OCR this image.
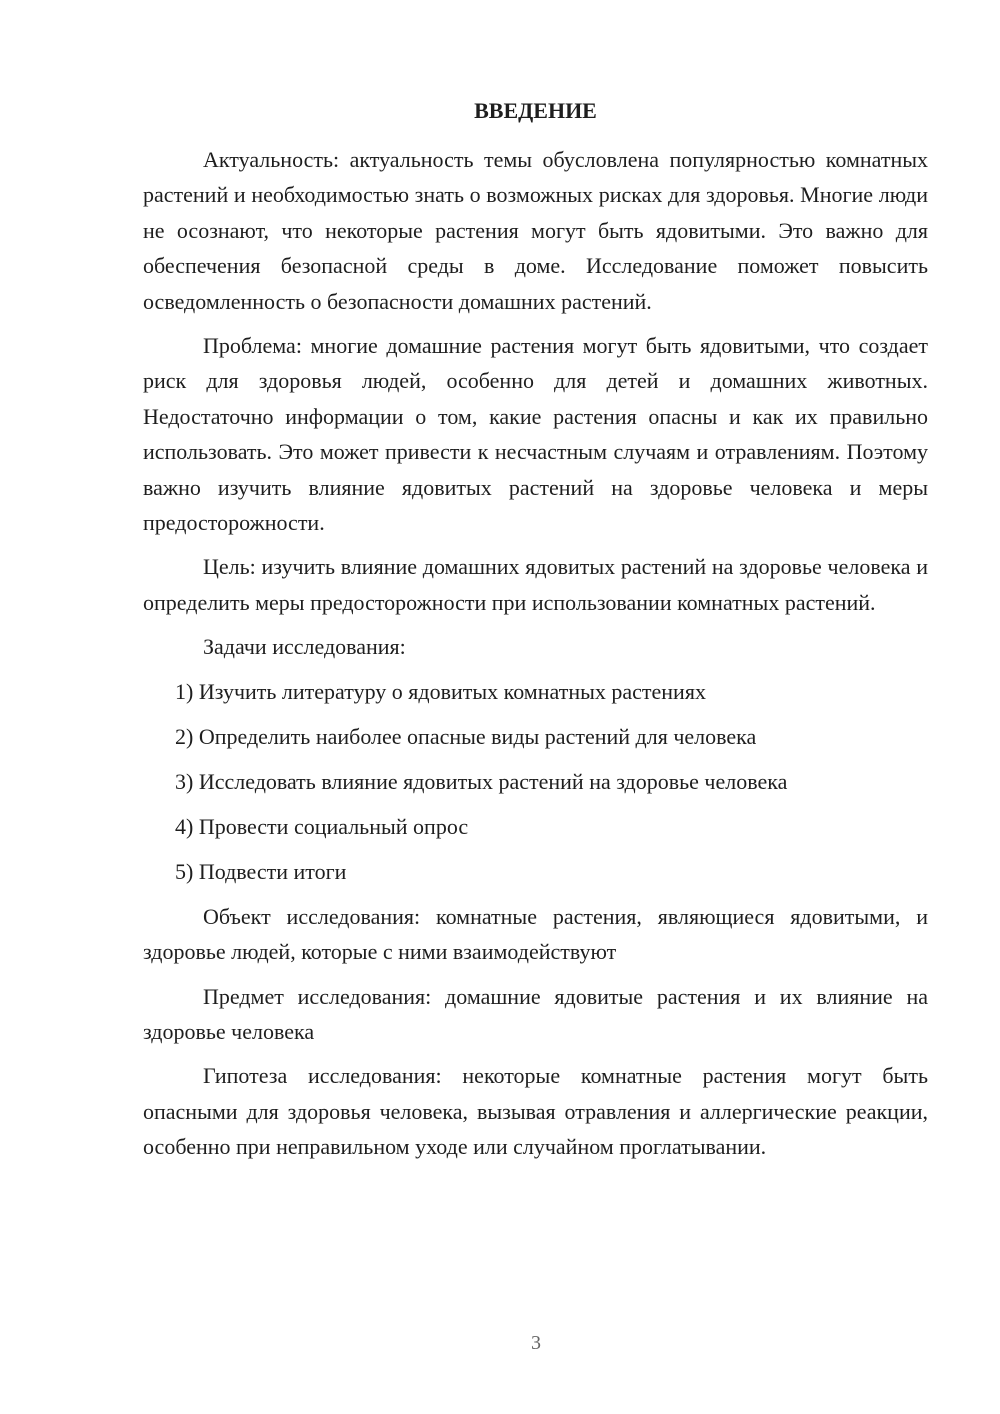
ВВЕДЕНИЕ

Актуальность: актуальность темы обусловлена популярностью комнатных растений и необходимостью знать о возможных рисках для здоровья. Многие люди не осознают, что некоторые растения могут быть ядовитыми. Это важно для обеспечения безопасной среды в доме. Исследование поможет повысить осведомленность о безопасности домашних растений.

Проблема: многие домашние растения могут быть ядовитыми, что создает риск для здоровья людей, особенно для детей и домашних животных. Недостаточно информации о том, какие растения опасны и как их правильно использовать. Это может привести к несчастным случаям и отравлениям. Поэтому важно изучить влияние ядовитых растений на здоровье человека и меры предосторожности.

Цель: изучить влияние домашних ядовитых растений на здоровье человека и определить меры предосторожности при использовании комнатных растений.

Задачи исследования:
1) Изучить литературу о ядовитых комнатных растениях
2) Определить наиболее опасные виды растений для человека
3) Исследовать влияние ядовитых растений на здоровье человека
4) Провести социальный опрос
5) Подвести итоги

Объект исследования: комнатные растения, являющиеся ядовитыми, и здоровье людей, которые с ними взаимодействуют

Предмет исследования: домашние ядовитые растения и их влияние на здоровье человека

Гипотеза исследования: некоторые комнатные растения могут быть опасными для здоровья человека, вызывая отравления и аллергические реакции, особенно при неправильном уходе или случайном проглатывании.

3
